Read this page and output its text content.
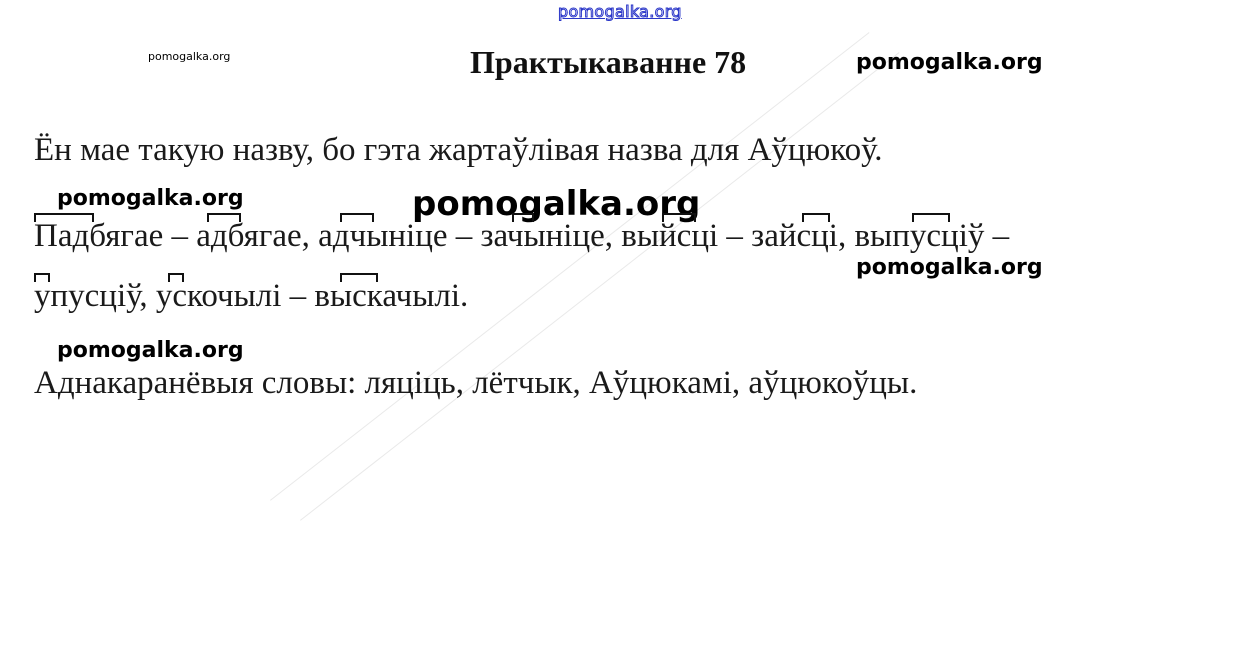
pomogalka.org
pomogalka.org	pomogalka.org
pomogalka.org	pomogalka.org
pomogalka.org
pomogalka.org
Практыкаванне 78
Ён мае такую назву, бо гэта жартаўлівая назва для Аўцюкоў.
Падбягае – адбягае, адчыніце – зачыніце, выйсці – зайсці, выпусціў –
упусціў, ускочылі – выскачылі.
Аднакаранёвыя словы: ляціць, лётчык, Аўцюкамі, аўцюкоўцы.
